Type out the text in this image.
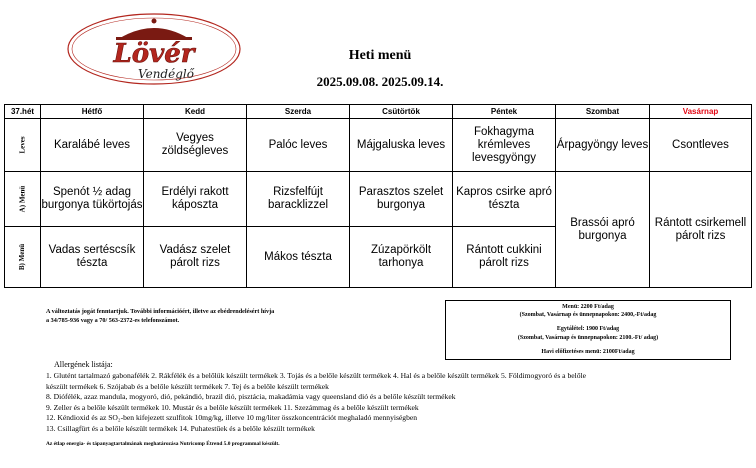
Lövér
Vendéglő
Heti menü
2025.09.08. 2025.09.14.
37.hét	Hétfő	Kedd	Szerda	Csütörtök	Péntek	Szombat	Vasárnap
Leves	Karalábé leves	Vegyes zöldségleves	Palóc leves	Májgaluska leves	Fokhagyma krémleves levesgyöngy	Árpagyöngy leves	Csontleves
A) Menü	Spenót ½ adag burgonya tükörtojás	Erdélyi rakott káposzta	Rizsfelfújt baracklizzel	Parasztos szelet burgonya	Kapros csirke apró tészta	Brassói apró burgonya	Rántott csirkemell párolt rizs
B) Menü	Vadas sertéscsík tészta	Vadász szelet párolt rizs	Mákos tészta	Zúzapörkölt tarhonya	Rántott cukkini párolt rizs		
A változtatás jogát fenntartjuk. További információért, illetve az ebédrendelésért hívja
a 34/785-936 vagy a 70/ 563-2372-es telefonszámot.

Menü: 2200 Ft/adag

(Szombat, Vasárnap és ünnepnapokon: 2400,-Ft/adag

Egytálétel: 1900 Ft/adag

(Szombat, Vasárnap és ünnepnapokon: 2100.-Ft/ adag)

Havi előfizetéses menü: 2100Ft/adag

Allergének listája:
1. Glutént tartalmazó gabonafélék 2. Rákfélék és a belőlük készült termékek 3. Tojás és a belőle készült termékek 4. Hal és a belőle készült termékek 5. Földimogyoró és a belőle
készült termékek 6. Szójabab és a belőle készült termékek 7. Tej és a belőle készült termékek
8. Diófélék, azaz mandula, mogyoró, dió, pekándió, brazil dió, pisztácia, makadámia vagy queensland dió és a belőle készült termékek
9. Zeller és a belőle készült termékek 10. Mustár és a belőle készült termékek 11. Szezámmag és a belőle készült termékek
12. Kéndioxid és az SO₂-ben kifejezett szulfitok 10mg/kg, illetve 10 mg/liter összkoncentrációt meghaladó mennyiségben
13. Csillagfürt és a belőle készült termékek 14. Puhatestűek és a belőle készült termékek
Az étlap energia- és tápanyagtartalmának meghatározása Nutricomp Étrend 5.0 programmal készült.
